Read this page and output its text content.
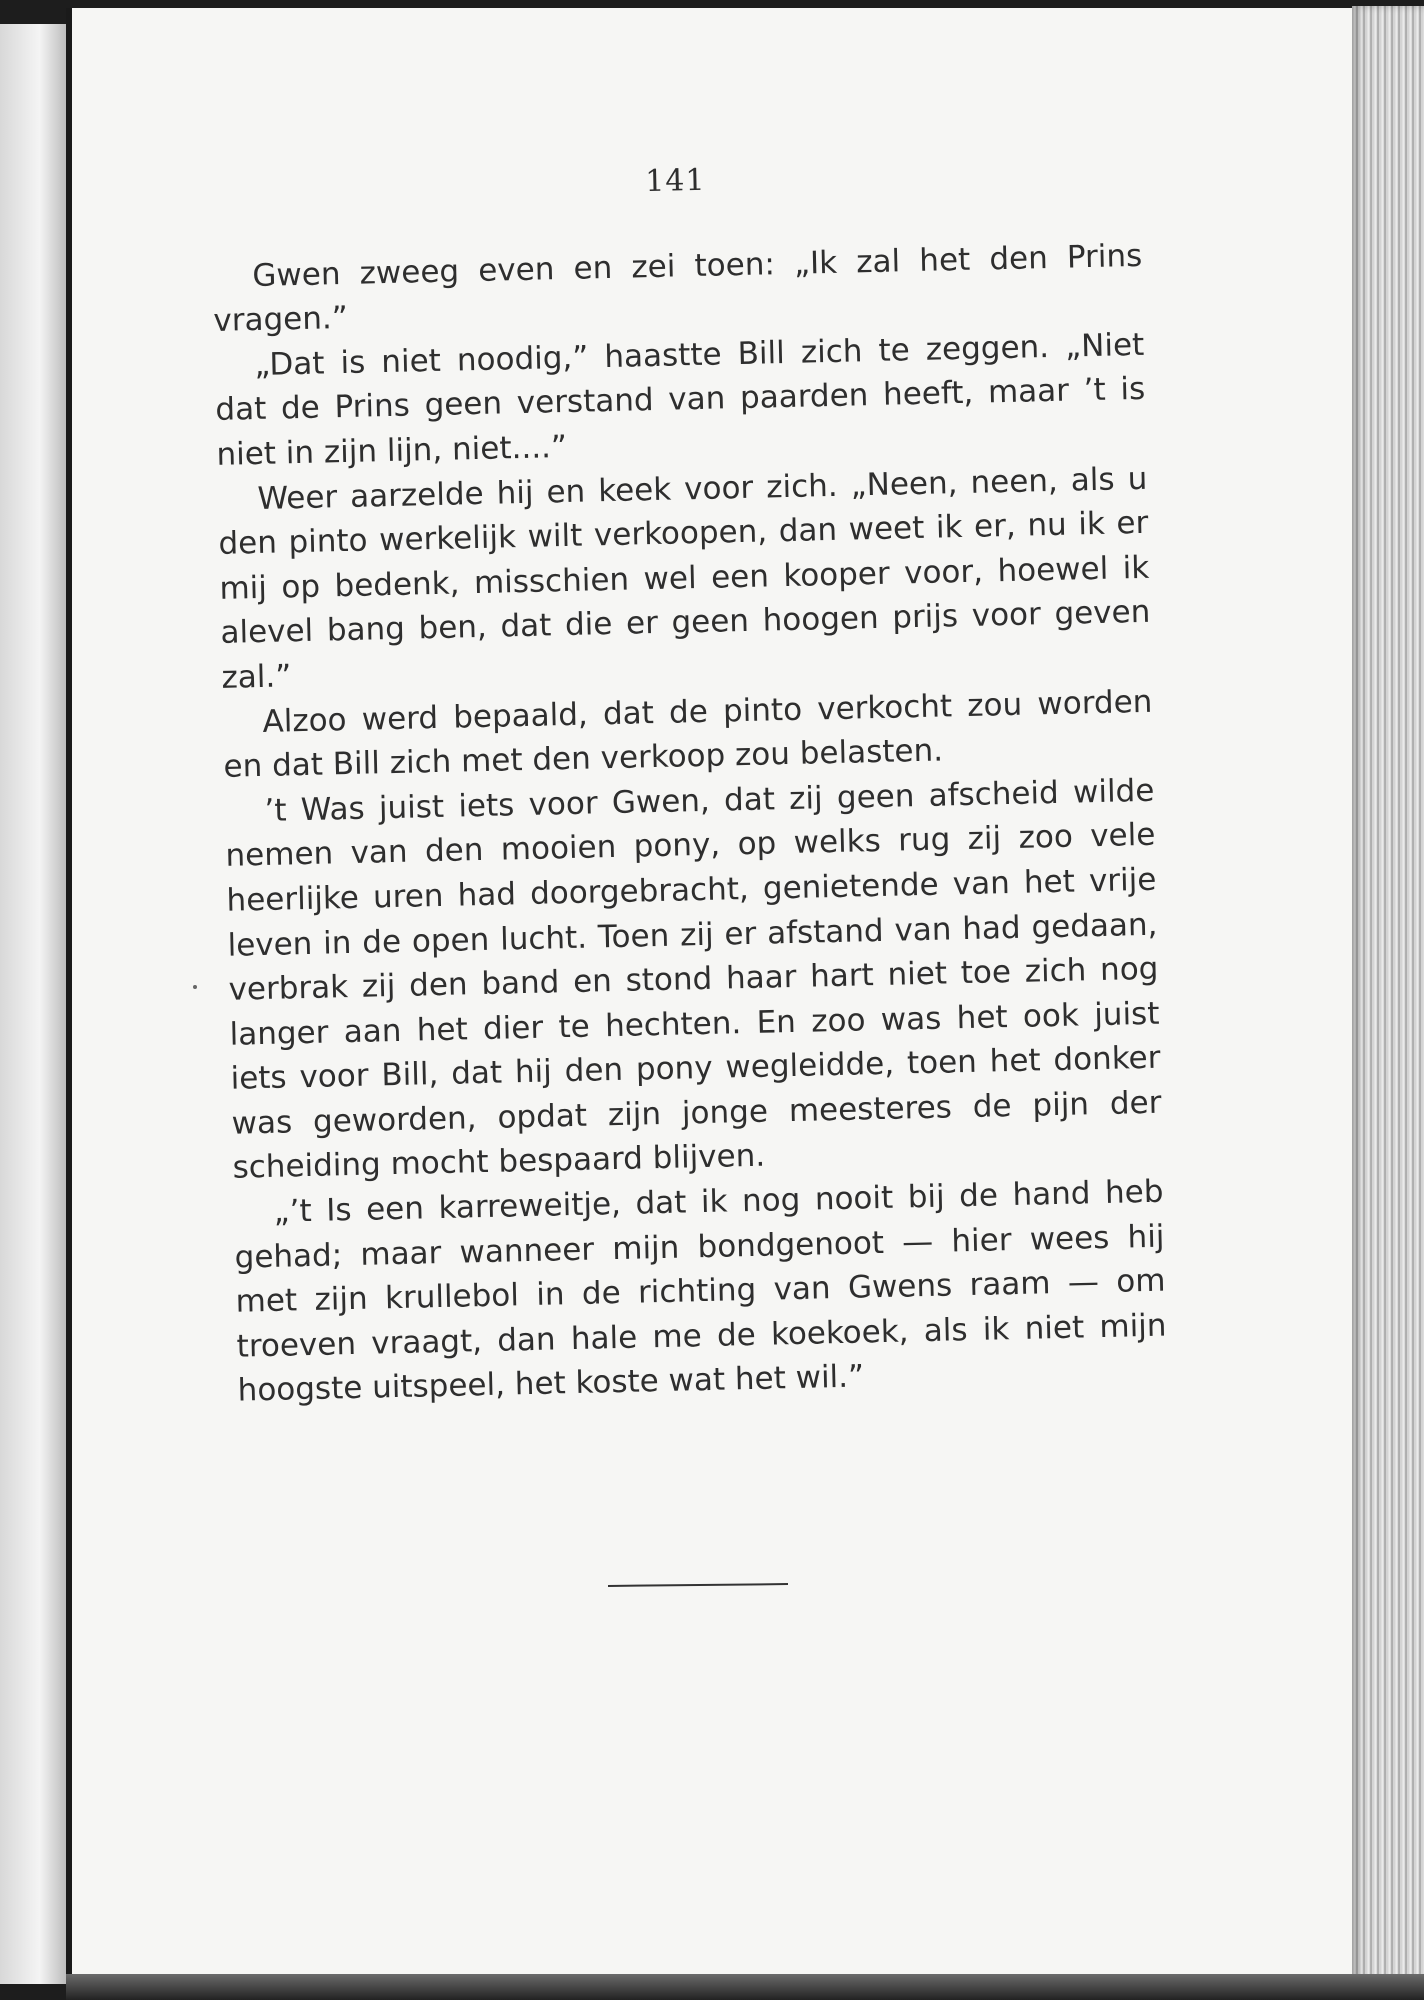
141

Gwen zweeg even en zei toen: „Ik zal het den Prins vragen.”

„Dat is niet noodig,” haastte Bill zich te zeggen. „Niet dat de Prins geen verstand van paarden heeft, maar ’t is niet in zijn lijn, niet....”

Weer aarzelde hij en keek voor zich. „Neen, neen, als u den pinto werkelijk wilt verkoopen, dan weet ik er, nu ik er mij op bedenk, misschien wel een kooper voor, hoewel ik alevel bang ben, dat die er geen hoogen prijs voor geven zal.”

Alzoo werd bepaald, dat de pinto verkocht zou worden en dat Bill zich met den verkoop zou belasten.

’t Was juist iets voor Gwen, dat zij geen afscheid wilde nemen van den mooien pony, op welks rug zij zoo vele heerlijke uren had doorgebracht, genietende van het vrije leven in de open lucht. Toen zij er afstand van had gedaan, verbrak zij den band en stond haar hart niet toe zich nog langer aan het dier te hechten. En zoo was het ook juist iets voor Bill, dat hij den pony wegleidde, toen het donker was geworden, opdat zijn jonge meesteres de pijn der scheiding mocht bespaard blijven.

„’t Is een karreweitje, dat ik nog nooit bij de hand heb gehad; maar wanneer mijn bondgenoot — hier wees hij met zijn krullebol in de richting van Gwens raam — om troeven vraagt, dan hale me de koekoek, als ik niet mijn hoogste uitspeel, het koste wat het wil.”
